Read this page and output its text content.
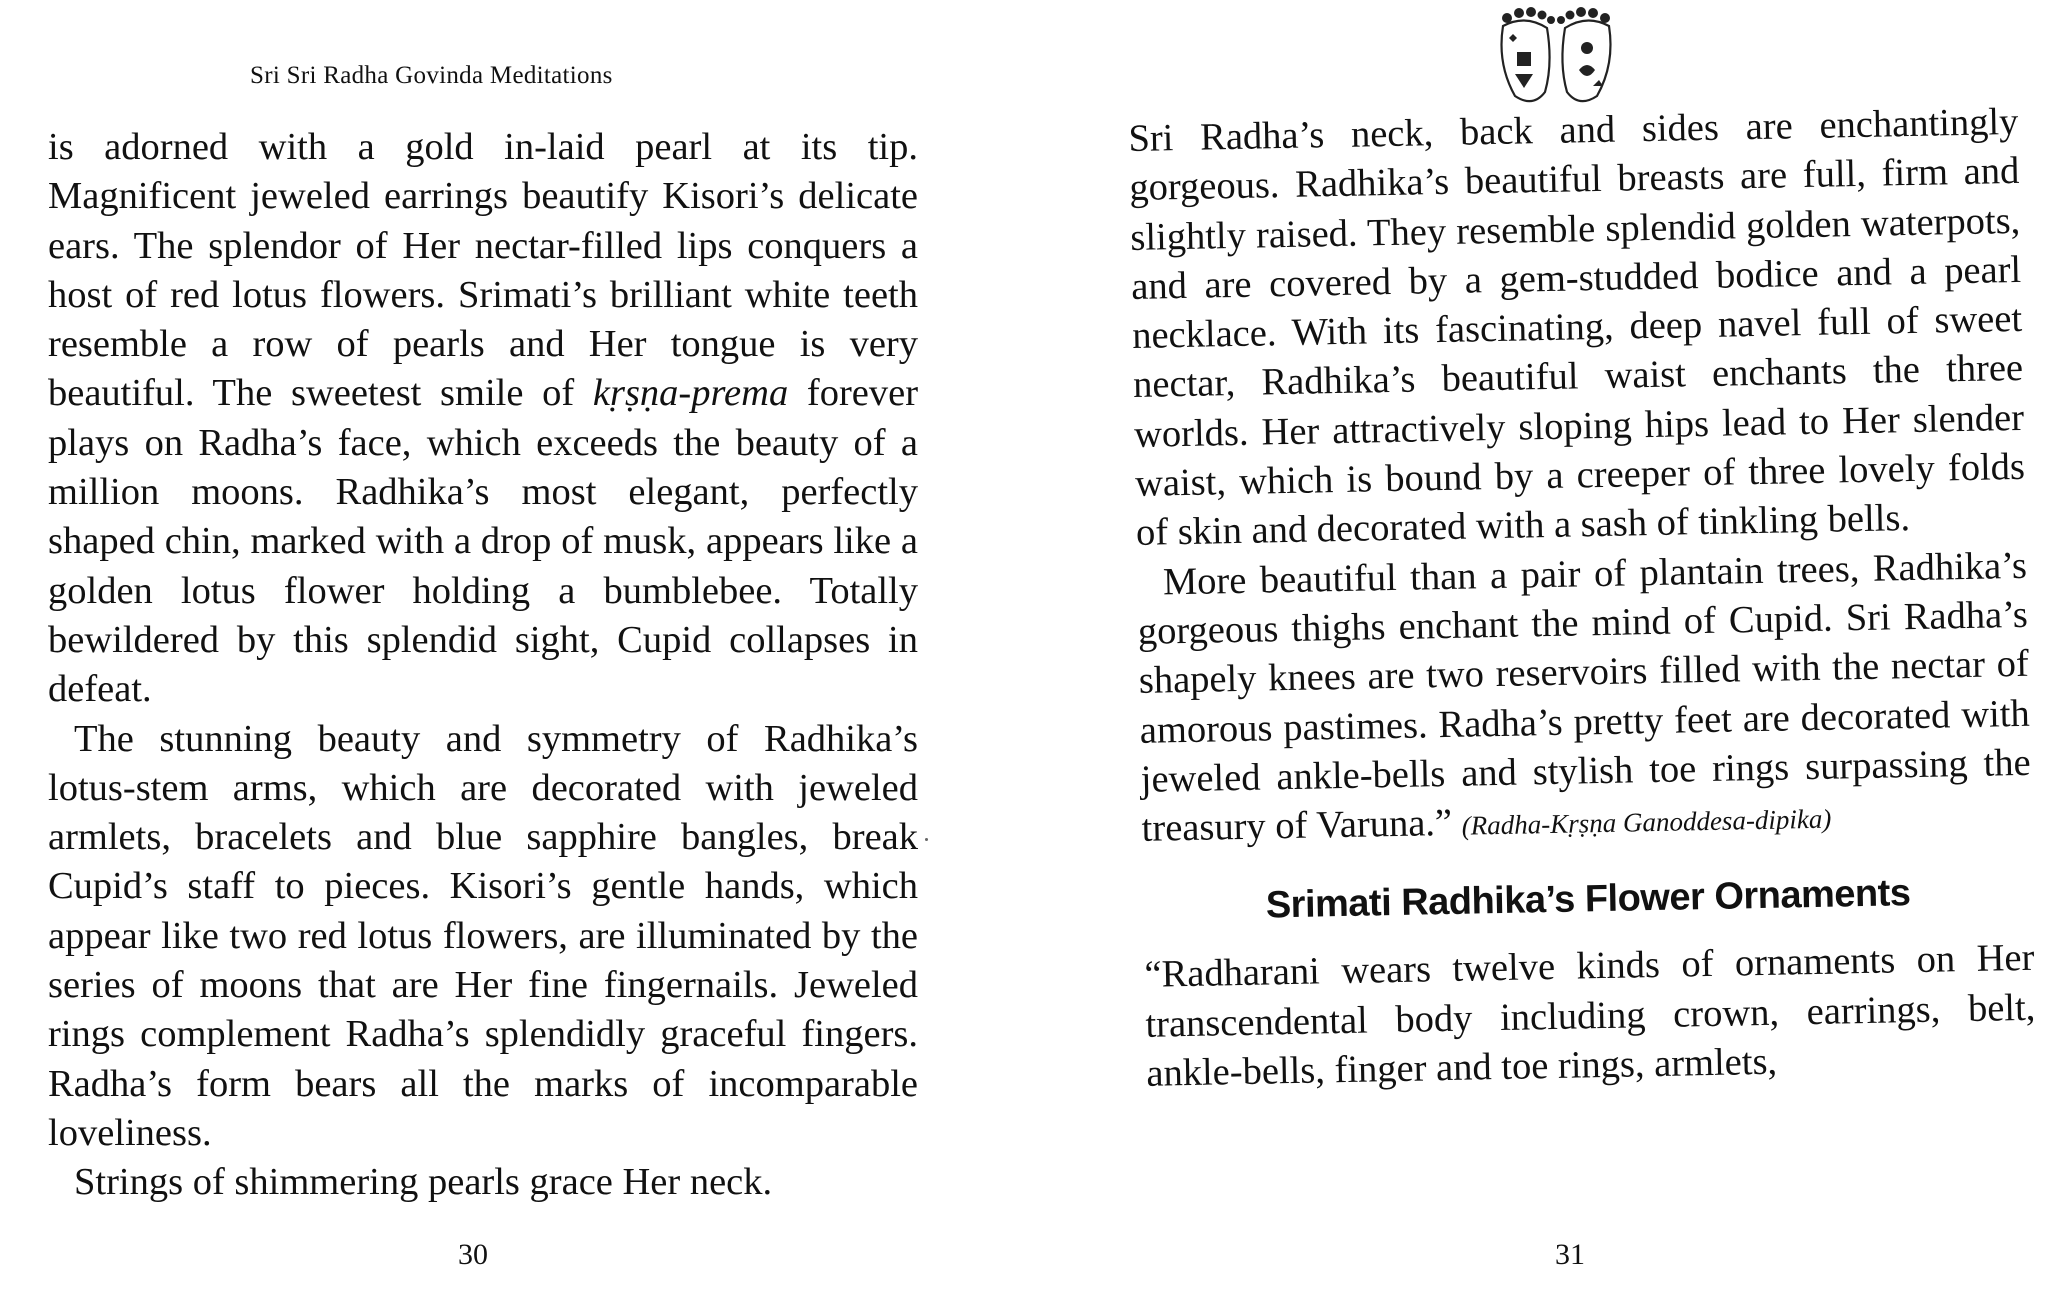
Sri Sri Radha Govinda Meditations

is adorned with a gold in-laid pearl at its tip. Magnificent jeweled earrings beautify Kisori’s delicate ears. The splendor of Her nectar-filled lips conquers a host of red lotus flowers. Srimati’s brilliant white teeth resemble a row of pearls and Her tongue is very beautiful. The sweetest smile of kṛṣṇa-prema forever plays on Radha’s face, which exceeds the beauty of a million moons. Radhika’s most elegant, perfectly shaped chin, marked with a drop of musk, appears like a golden lotus flower holding a bumblebee. Totally bewildered by this splendid sight, Cupid collapses in defeat.

The stunning beauty and symmetry of Radhika’s lotus-stem arms, which are decorated with jeweled armlets, bracelets and blue sapphire bangles, break Cupid’s staff to pieces. Kisori’s gentle hands, which appear like two red lotus flowers, are illuminated by the series of moons that are Her fine fingernails. Jeweled rings complement Radha’s splendidly graceful fingers. Radha’s form bears all the marks of incomparable loveliness.

Strings of shimmering pearls grace Her neck.

30

Sri Radha’s neck, back and sides are enchantingly gorgeous. Radhika’s beautiful breasts are full, firm and slightly raised. They resemble splendid golden waterpots, and are covered by a gem-studded bodice and a pearl necklace. With its fascinating, deep navel full of sweet nectar, Radhika’s beautiful waist enchants the three worlds. Her attractively sloping hips lead to Her slender waist, which is bound by a creeper of three lovely folds of skin and decorated with a sash of tinkling bells.

More beautiful than a pair of plantain trees, Radhika’s gorgeous thighs enchant the mind of Cupid. Sri Radha’s shapely knees are two reservoirs filled with the nectar of amorous pastimes. Radha’s pretty feet are decorated with jeweled ankle-bells and stylish toe rings surpassing the treasury of Varuna.” (Radha-Kṛṣṇa Ganoddesa-dipika)

Srimati Radhika’s Flower Ornaments

“Radharani wears twelve kinds of ornaments on Her transcendental body including crown, earrings, belt, ankle-bells, finger and toe rings, armlets,

31
